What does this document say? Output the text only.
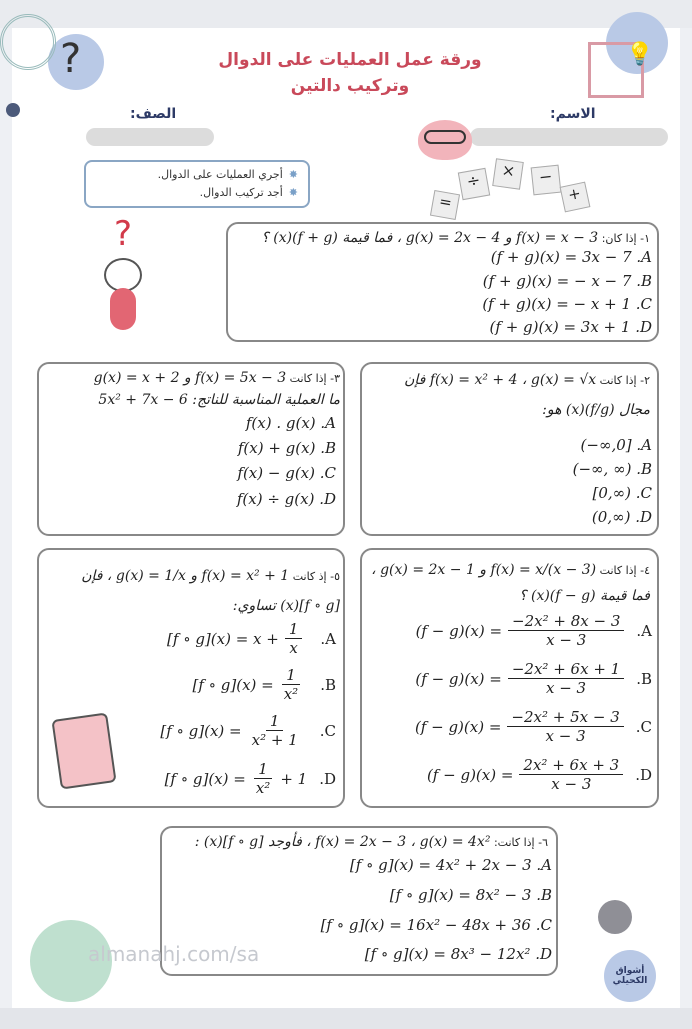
?	💡
ورقة عمل العمليات على الدوال
وتركيب دالتين
الاسم:
الصف:
✸أجري العمليات على الدوال.
✸أجد تركيب الدوال.
÷	×	−
=	+
?	١- إذا كان: f(x) = x − 3 و g(x) = 2x − 4 ، فما قيمة (f + g)(x) ؟
(f + g)(x) = 3x − 7 .A
(f + g)(x) = − x − 7 .B
(f + g)(x) = − x + 1 .C
(f + g)(x) = 3x + 1 .D
٣- إذا كانت f(x) = 5x − 3 و g(x) = x + 2
ما العملية المناسبة للناتج: 5x² + 7x − 6
f(x) . g(x) .A
f(x) + g(x) .B
f(x) − g(x) .C
f(x) ÷ g(x) .D
٢- إذا كانت f(x) = x² + 4 ، g(x) = √x فإن
مجال (f/g)(x) هو:
(−∞,0] .A
(−∞, ∞) .B
[0,∞) .C
(0,∞) .D
٥- إذ كانت f(x) = x² + 1 و g(x) = 1/x ، فإن
[f ∘ g](x) تساوي:
[f ∘ $g](x) = x + \frac{1}{x} .A$
[f ∘ $g](x) = \frac{1}{\text{x²}} .B$
[f ∘ $g](x) = \frac{1}{\text{x² + 1}} .C$
[f ∘ $g](x) = \frac{1}{\text{x²}} + 1$ .D
٤- إذا كانت f(x) = x/(x − 3) و g(x) = 2x − 1 ،
فما قيمة (f − g)(x) ؟
$(f - g)(x) = \frac{\text{−2x² + 8x − 3}}{x - 3} .A$
$(f - g)(x) = \frac{\text{−2x² + 6x + 1}}{x - 3} .B$
$(f - g)(x) = \frac{\text{−2x² + 5x − 3}}{x - 3} .C$
$(f - g)(x) = \frac{\text{2x² + 6x + 3}}{x - 3} .D$
٦- إذا كانت: f(x) = 2x − 3 ، g(x) = 4x² ، فأوجد [f ∘ g](x) :
[f ∘ g](x) = 4x² + 2x − 3 .A
[f ∘ g](x) = 8x² − 3 .B
[f ∘ g](x) = 16x² − 48x + 36 .C
[f ∘ g](x) = 8x³ − 12x² .D
almanahj.com/sa
أشواق الكحيلي
